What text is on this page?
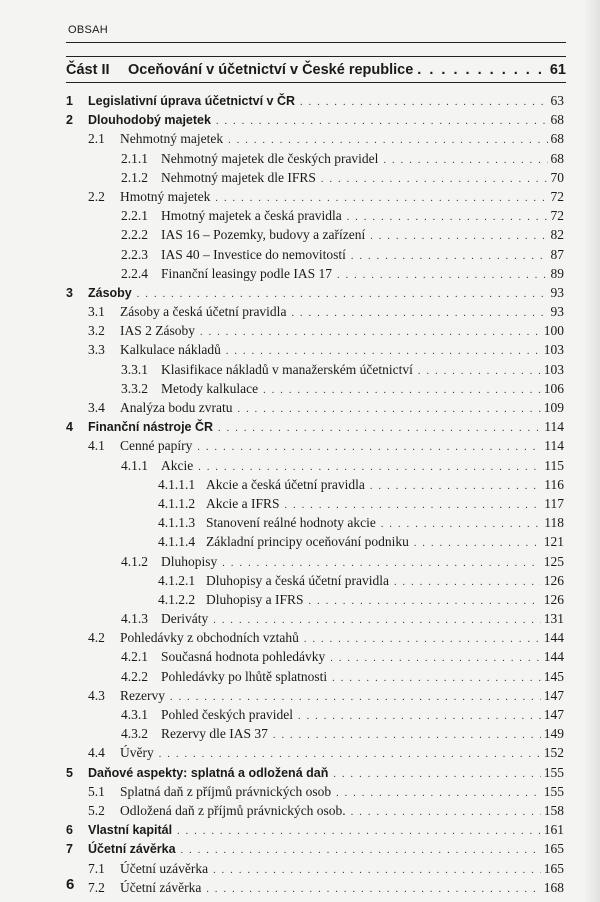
OBSAH
Část II	Oceňování v účetnictví v České republice . . .	61
1	Legislativní úprava účetnictví v ČR . . .	63
2	Dlouhodobý majetek . . .	68
2.1	Nehmotný majetek . . .	68
2.1.1 Nehmotný majetek dle českých pravidel . . .	68
2.1.2 Nehmotný majetek dle IFRS . . .	70
2.2	Hmotný majetek . . .	72
2.2.1 Hmotný majetek a česká pravidla . . .	72
2.2.2 IAS 16 – Pozemky, budovy a zařízení . . .	82
2.2.3 IAS 40 – Investice do nemovitostí . . .	87
2.2.4 Finanční leasingy podle IAS 17 . . .	89
3	Zásoby . . .	93
3.1	Zásoby a česká účetní pravidla . . .	93
3.2	IAS 2 Zásoby . . .	100
3.3	Kalkulace nákladů . . .	103
3.3.1 Klasifikace nákladů v manažerském účetnictví . . .	103
3.3.2 Metody kalkulace . . .	106
3.4	Analýza bodu zvratu . . .	109
4	Finanční nástroje ČR . . .	114
4.1	Cenné papíry . . .	114
4.1.1 Akcie . . .	115
4.1.1.1 Akcie a česká účetní pravidla . . .	116
4.1.1.2 Akcie a IFRS . . .	117
4.1.1.3 Stanovení reálné hodnoty akcie . . .	118
4.1.1.4 Základní principy oceňování podniku . . .	121
4.1.2 Dluhopisy . . .	125
4.1.2.1 Dluhopisy a česká účetní pravidla . . .	126
4.1.2.2 Dluhopisy a IFRS . . .	126
4.1.3 Deriváty . . .	131
4.2	Pohledávky z obchodních vztahů . . .	144
4.2.1 Současná hodnota pohledávky . . .	144
4.2.2 Pohledávky po lhůtě splatnosti . . .	145
4.3	Rezervy . . .	147
4.3.1 Pohled českých pravidel . . .	147
4.3.2 Rezervy dle IAS 37 . . .	149
4.4	Úvěry . . .	152
5	Daňové aspekty: splatná a odložená daň . . .	155
5.1	Splatná daň z příjmů právnických osob . . .	155
5.2	Odložená daň z příjmů právnických osob. . . .	158
6	Vlastní kapitál . . .	161
7	Účetní závěrka . . .	165
7.1	Účetní uzávěrka . . .	165
7.2	Účetní závěrka . . .	168
6
